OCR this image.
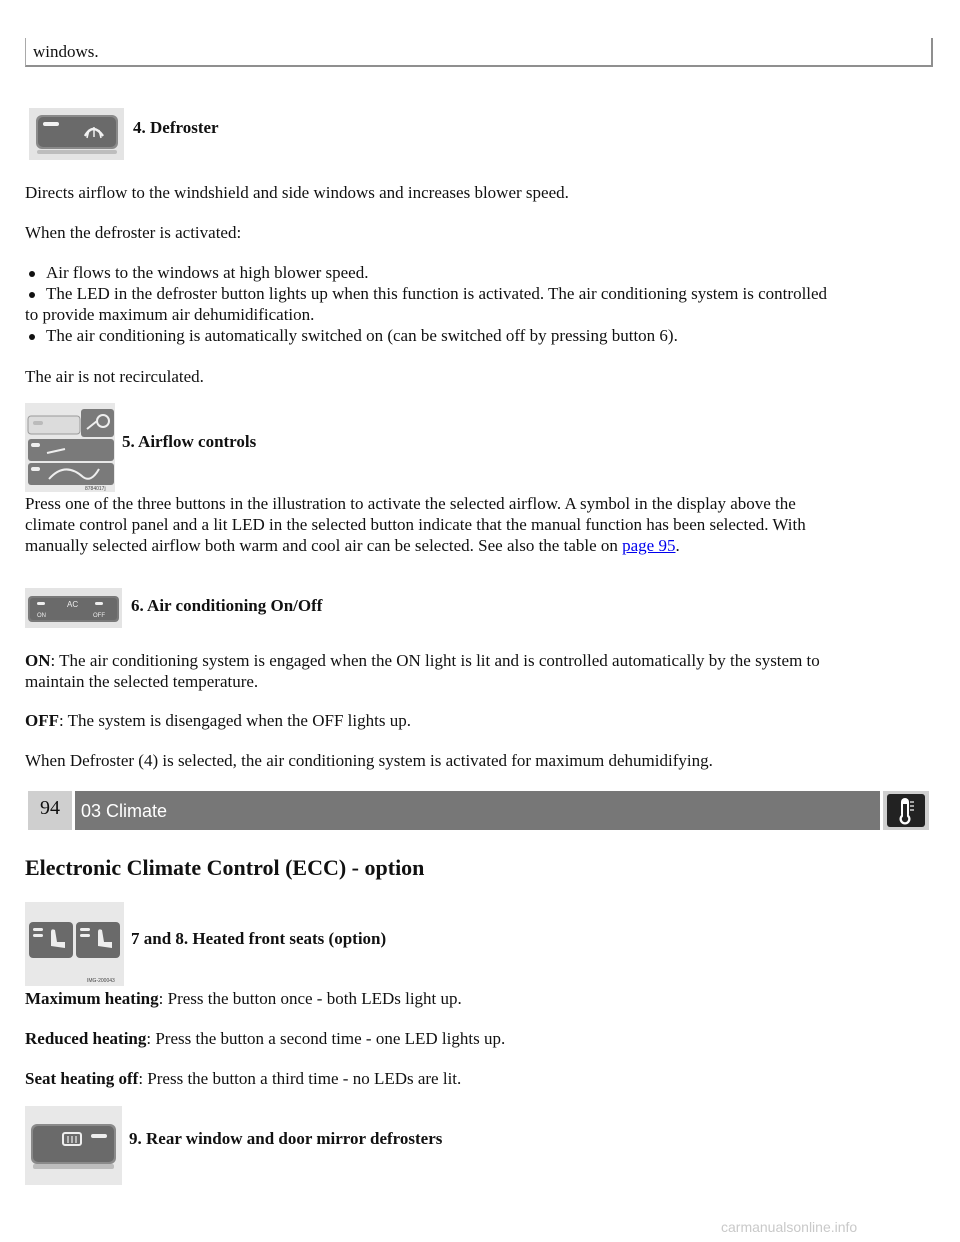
windows.
4. Defroster

Directs airflow to the windshield and side windows and increases blower speed.

When the defroster is activated:

Air flows to the windows at high blower speed.
The LED in the defroster button lights up when this function is activated. The air conditioning system is controlled
to provide maximum air dehumidification.
The air conditioning is automatically switched on (can be switched off by pressing button 6).

The air is not recirculated.

8784017j
5. Airflow controls
Press one of the three buttons in the illustration to activate the selected airflow. A symbol in the display above the
climate control panel and a lit LED in the selected button indicate that the manual function has been selected. With
manually selected airflow both warm and cool air can be selected. See also the table on page 95.
AC
ON	OFF
6. Air conditioning On/Off
ON: The air conditioning system is engaged when the ON light is lit and is controlled automatically by the system to
maintain the selected temperature.

OFF: The system is disengaged when the OFF lights up.

When Defroster (4) is selected, the air conditioning system is activated for maximum dehumidifying.

94	03 Climate
Electronic Climate Control (ECC) - option
IMG-200043
7 and 8. Heated front seats (option)

Maximum heating: Press the button once - both LEDs light up.

Reduced heating: Press the button a second time - one LED lights up.

Seat heating off: Press the button a third time - no LEDs are lit.

9. Rear window and door mirror defrosters
carmanualsonline.info
